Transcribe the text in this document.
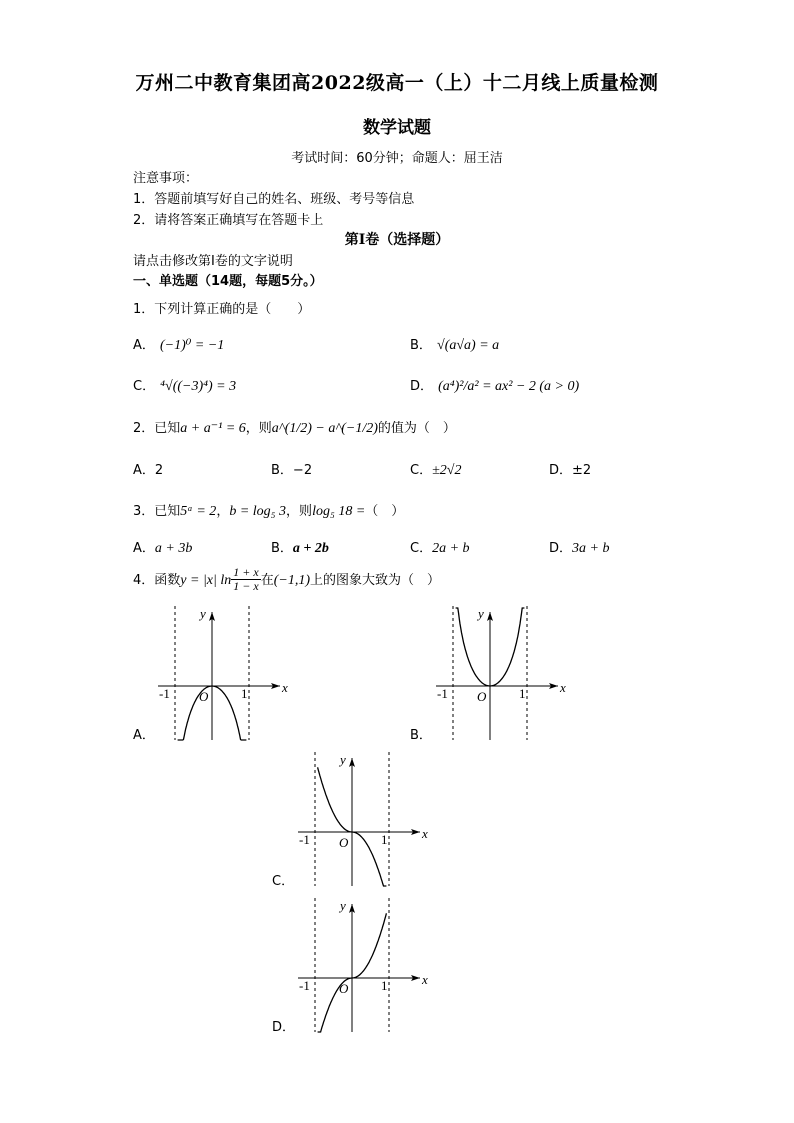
万州二中教育集团高2022级高一（上）十二月线上质量检测
数学试题
考试时间：60分钟；命题人：屈王洁
注意事项：
1．答题前填写好自己的姓名、班级、考号等信息
2．请将答案正确填写在答题卡上
第I卷（选择题）
请点击修改第I卷的文字说明
一、单选题（14题，每题5分。）
1．下列计算正确的是（　　）
A． (−1)⁰ = −1	B． √(a√a) = a
C． ⁴√((−3)⁴) = 3	D． (a⁴)²/a² = ax² − 2 (a > 0)
2．已知a + a⁻¹ = 6，则a^(1/2) − a^(−1/2)的值为（　）
A．2	B．−2	C．±2√2	D．±2
3．已知5ᵃ = 2，b = log₅ 3，则log₅ 18 =（　）
A．a + 3b	B．a + 2b	C．2a + b	D．3a + b
4．函数y = |x| $\ln \frac{1 + x}{1 - x}$ 在(−1,1)上的图象大致为（　）
A．
y
x
O
-1	1
B．
y
x
O
-1	1
C．
y
x
O
-1	1
D．
y
x
O
-1	1
